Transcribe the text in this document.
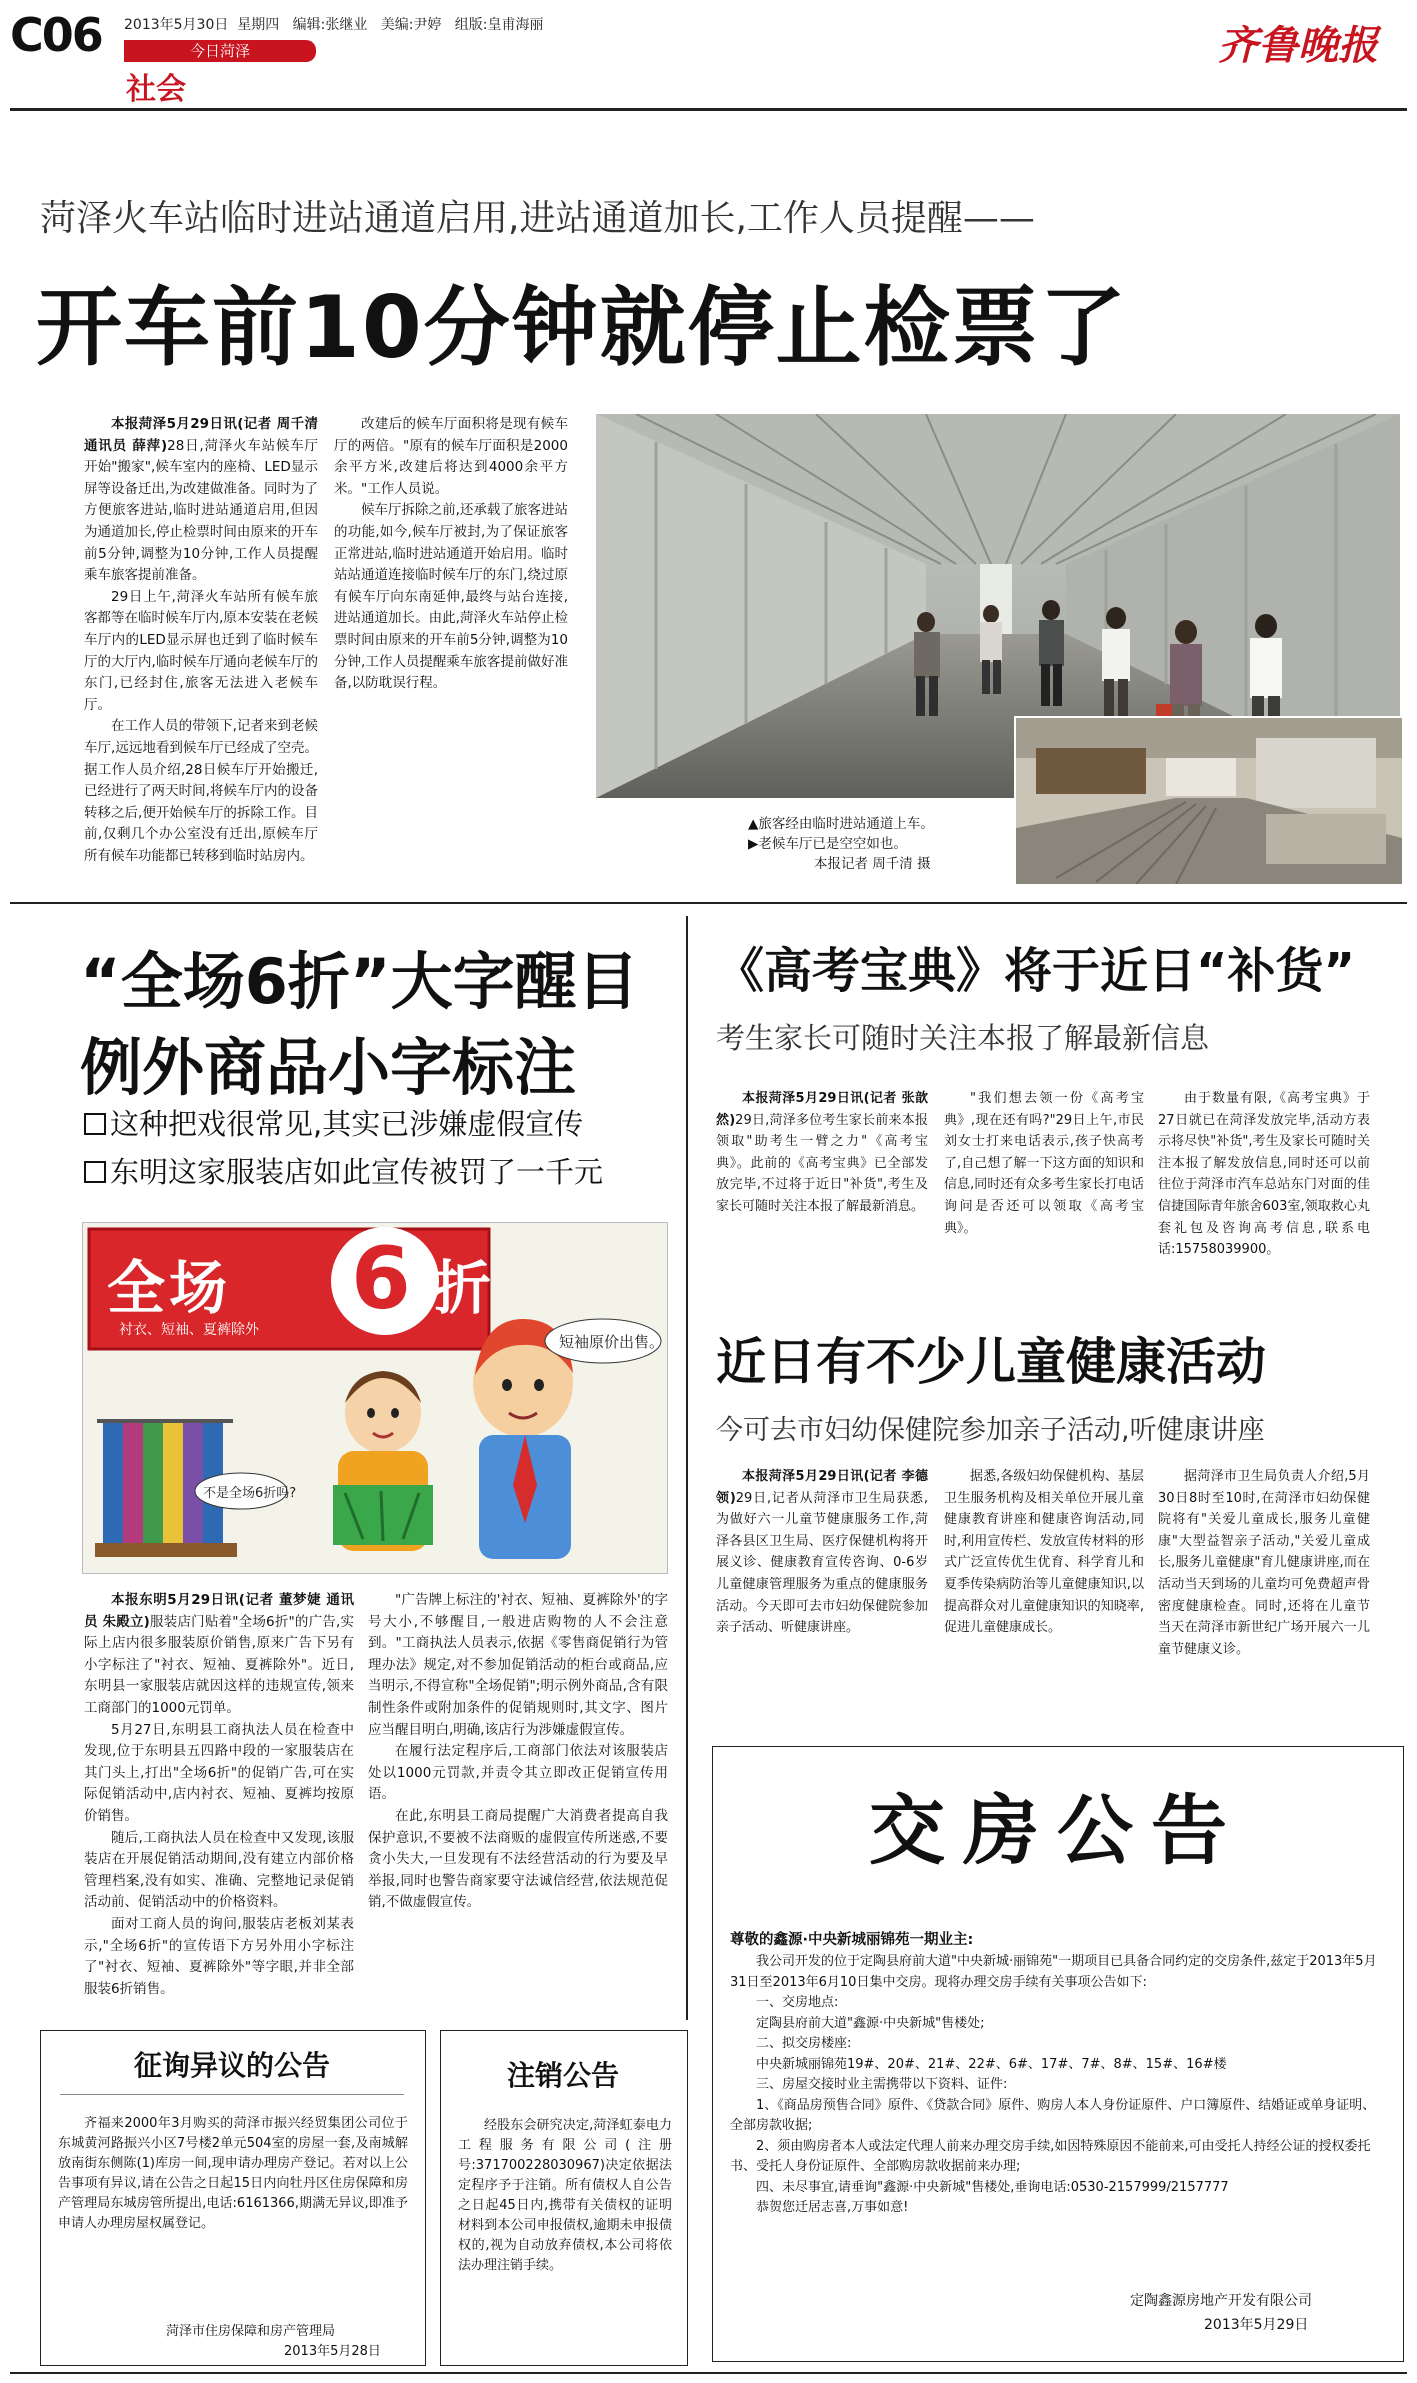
C06 2013年5月30日 星期四 编辑:张继业 美编:尹婷 组版:皇甫海丽
今日菏泽
社会
齐鲁晚报
菏泽火车站临时进站通道启用,进站通道加长,工作人员提醒——
开车前10分钟就停止检票了

本报菏泽5月29日讯(记者 周千清 通讯员 薛萍)28日,菏泽火车站候车厅开始"搬家",候车室内的座椅、LED显示屏等设备迁出,为改建做准备。同时为了方便旅客进站,临时进站通道启用,但因为通道加长,停止检票时间由原来的开车前5分钟,调整为10分钟,工作人员提醒乘车旅客提前准备。

29日上午,菏泽火车站所有候车旅客都等在临时候车厅内,原本安装在老候车厅内的LED显示屏也迁到了临时候车厅的大厅内,临时候车厅通向老候车厅的东门,已经封住,旅客无法进入老候车厅。

在工作人员的带领下,记者来到老候车厅,远远地看到候车厅已经成了空壳。据工作人员介绍,28日候车厅开始搬迁,已经进行了两天时间,将候车厅内的设备转移之后,便开始候车厅的拆除工作。目前,仅剩几个办公室没有迁出,原候车厅所有候车功能都已转移到临时站房内。

改建后的候车厅面积将是现有候车厅的两倍。"原有的候车厅面积是2000余平方米,改建后将达到4000余平方米。"工作人员说。

候车厅拆除之前,还承载了旅客进站的功能,如今,候车厅被封,为了保证旅客正常进站,临时进站通道开始启用。临时站站通道连接临时候车厅的东门,绕过原有候车厅向东南延伸,最终与站台连接,进站通道加长。由此,菏泽火车站停止检票时间由原来的开车前5分钟,调整为10分钟,工作人员提醒乘车旅客提前做好准备,以防耽误行程。

▲旅客经由临时进站通道上车。
▶老候车厅已是空空如也。
本报记者 周千清 摄
“全场6折”大字醒目
例外商品小字标注
这种把戏很常见,其实已涉嫌虚假宣传
东明这家服装店如此宣传被罚了一千元
全场 6 折
衬衣、短袖、夏裤除外
短袖原价出售。
不是全场6折吗?

本报东明5月29日讯(记者 董梦婕 通讯员 朱殿立)服装店门贴着"全场6折"的广告,实际上店内很多服装原价销售,原来广告下另有小字标注了"衬衣、短袖、夏裤除外"。近日,东明县一家服装店就因这样的违规宣传,领来工商部门的1000元罚单。

5月27日,东明县工商执法人员在检查中发现,位于东明县五四路中段的一家服装店在其门头上,打出"全场6折"的促销广告,可在实际促销活动中,店内衬衣、短袖、夏裤均按原价销售。

随后,工商执法人员在检查中又发现,该服装店在开展促销活动期间,没有建立内部价格管理档案,没有如实、准确、完整地记录促销活动前、促销活动中的价格资料。

面对工商人员的询问,服装店老板刘某表示,"全场6折"的宣传语下方另外用小字标注了"衬衣、短袖、夏裤除外"等字眼,并非全部服装6折销售。

"广告牌上标注的'衬衣、短袖、夏裤除外'的字号大小,不够醒目,一般进店购物的人不会注意到。"工商执法人员表示,依据《零售商促销行为管理办法》规定,对不参加促销活动的柜台或商品,应当明示,不得宣称"全场促销";明示例外商品,含有限制性条件或附加条件的促销规则时,其文字、图片应当醒目明白,明确,该店行为涉嫌虚假宣传。

在履行法定程序后,工商部门依法对该服装店处以1000元罚款,并责令其立即改正促销宣传用语。

在此,东明县工商局提醒广大消费者提高自我保护意识,不要被不法商贩的虚假宣传所迷惑,不要贪小失大,一旦发现有不法经营活动的行为要及早举报,同时也警告商家要守法诚信经营,依法规范促销,不做虚假宣传。

《高考宝典》将于近日“补货”
考生家长可随时关注本报了解最新信息

本报菏泽5月29日讯(记者 张歆然)29日,菏泽多位考生家长前来本报领取"助考生一臂之力"《高考宝典》。此前的《高考宝典》已全部发放完毕,不过将于近日"补货",考生及家长可随时关注本报了解最新消息。

"我们想去领一份《高考宝典》,现在还有吗?"29日上午,市民刘女士打来电话表示,孩子快高考了,自己想了解一下这方面的知识和信息,同时还有众多考生家长打电话询问是否还可以领取《高考宝典》。

由于数量有限,《高考宝典》于27日就已在菏泽发放完毕,活动方表示将尽快"补货",考生及家长可随时关注本报了解发放信息,同时还可以前往位于菏泽市汽车总站东门对面的佳信捷国际青年旅舍603室,领取救心丸套礼包及咨询高考信息,联系电话:15758039900。

近日有不少儿童健康活动
今可去市妇幼保健院参加亲子活动,听健康讲座

本报菏泽5月29日讯(记者 李德领)29日,记者从菏泽市卫生局获悉,为做好六一儿童节健康服务工作,菏泽各县区卫生局、医疗保健机构将开展义诊、健康教育宣传咨询、0-6岁儿童健康管理服务为重点的健康服务活动。今天即可去市妇幼保健院参加亲子活动、听健康讲座。

据悉,各级妇幼保健机构、基层卫生服务机构及相关单位开展儿童健康教育讲座和健康咨询活动,同时,利用宣传栏、发放宣传材料的形式广泛宣传优生优育、科学育儿和夏季传染病防治等儿童健康知识,以提高群众对儿童健康知识的知晓率,促进儿童健康成长。

据菏泽市卫生局负责人介绍,5月30日8时至10时,在菏泽市妇幼保健院将有"关爱儿童成长,服务儿童健康"大型益智亲子活动,"关爱儿童成长,服务儿童健康"育儿健康讲座,而在活动当天到场的儿童均可免费超声骨密度健康检查。同时,还将在儿童节当天在菏泽市新世纪广场开展六一儿童节健康义诊。

交房公告
尊敬的鑫源·中央新城丽锦苑一期业主:
我公司开发的位于定陶县府前大道"中央新城·丽锦苑"一期项目已具备合同约定的交房条件,兹定于2013年5月31日至2013年6月10日集中交房。现将办理交房手续有关事项公告如下:
一、交房地点:
定陶县府前大道"鑫源·中央新城"售楼处;
二、拟交房楼座:
中央新城丽锦苑19#、20#、21#、22#、6#、17#、7#、8#、15#、16#楼
三、房屋交接时业主需携带以下资料、证件:
1、《商品房预售合同》原件、《贷款合同》原件、购房人本人身份证原件、户口簿原件、结婚证或单身证明、全部房款收据;
2、须由购房者本人或法定代理人前来办理交房手续,如因特殊原因不能前来,可由受托人持经公证的授权委托书、受托人身份证原件、全部购房款收据前来办理;
四、未尽事宜,请垂询"鑫源·中央新城"售楼处,垂询电话:0530-2157999/2157777
恭贺您迁居志喜,万事如意!
定陶鑫源房地产开发有限公司
2013年5月29日
征询异议的公告
齐福来2000年3月购买的菏泽市振兴经贸集团公司位于东城黄河路振兴小区7号楼2单元504室的房屋一套,及南城解放南街东侧陈(1)库房一间,现申请办理房产登记。若对以上公告事项有异议,请在公告之日起15日内向牡丹区住房保障和房产管理局东城房管所提出,电话:6161366,期满无异议,即准予申请人办理房屋权属登记。
菏泽市住房保障和房产管理局
2013年5月28日
注销公告
经股东会研究决定,菏泽虹泰电力工程服务有限公司(注册号:371700228030967)决定依据法定程序予于注销。所有债权人自公告之日起45日内,携带有关债权的证明材料到本公司申报债权,逾期未申报债权的,视为自动放弃债权,本公司将依法办理注销手续。
